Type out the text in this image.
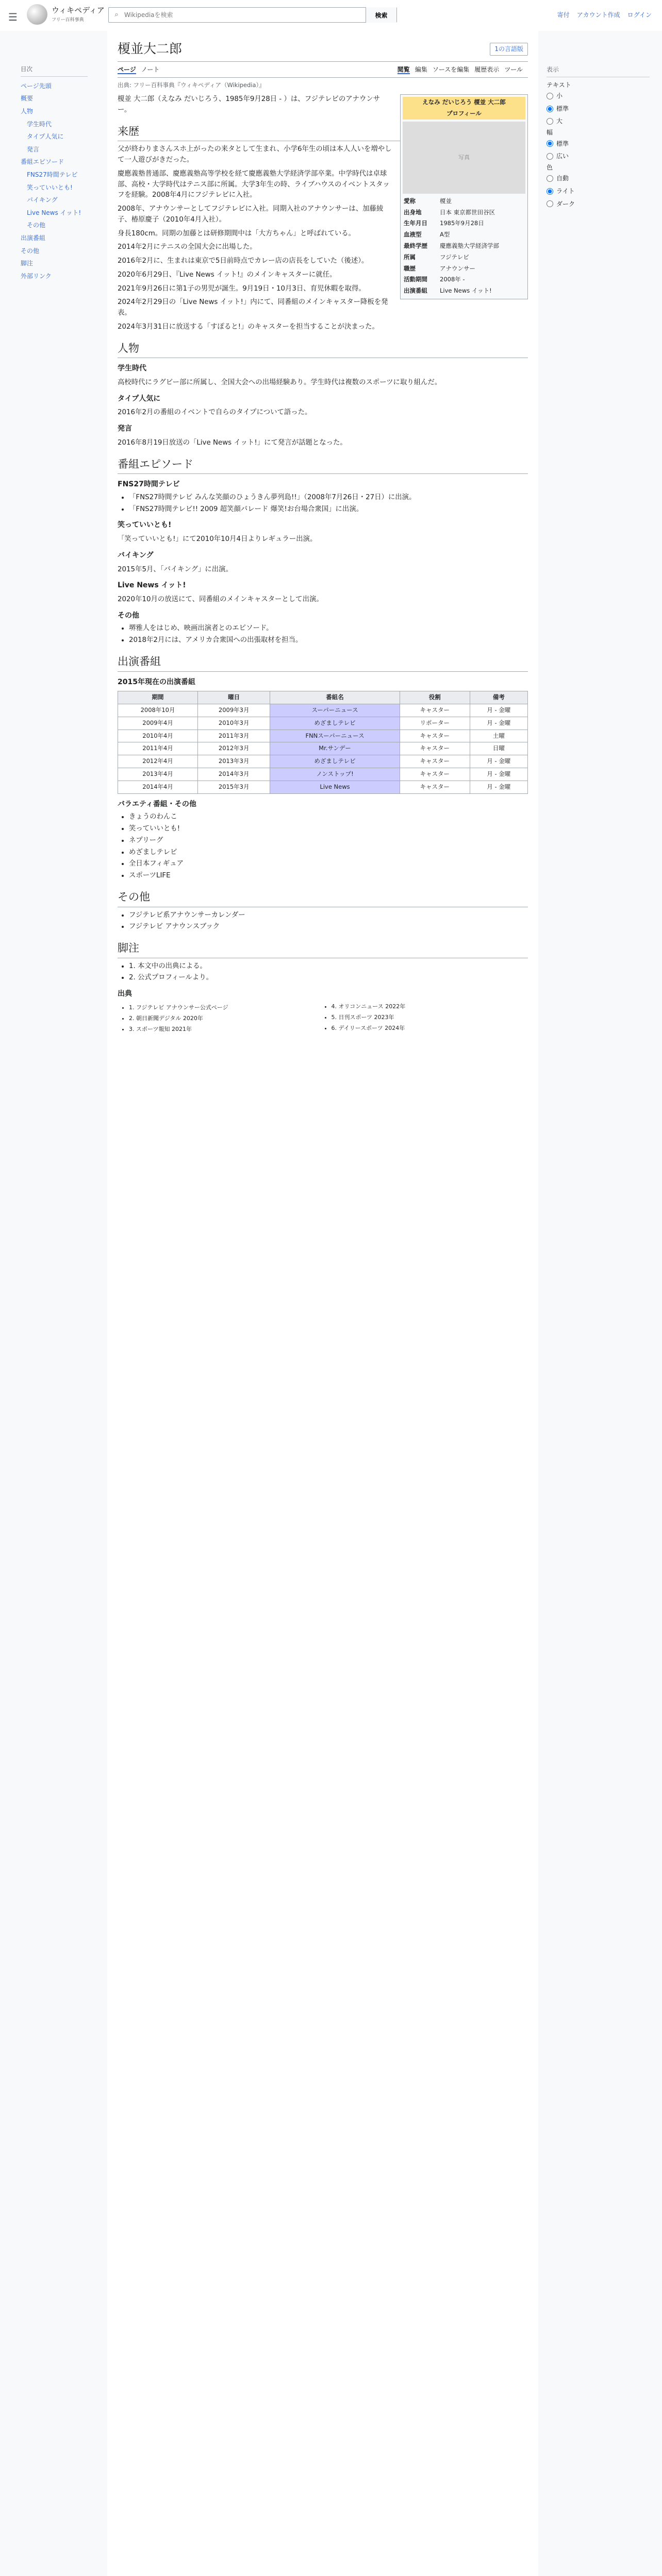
☰
ウィキペディア
フリー百科事典
⌕
Wikipediaを検索	検索	寄付 アカウント作成 ログイン
目次
ページ先頭
概要
人物
学生時代
タイプ人気に
発言
番組エピソード
FNS27時間テレビ
笑っていいとも!
パイキング
Live News イット!
その他
出演番組
その他
脚注
外部リンク
榎並大二郎	1の言語版
ページ ノート	閲覧 編集 ソースを編集 履歴表示 ツール
出典: フリー百科事典『ウィキペディア（Wikipedia）』
えなみ だいじろう 榎並 大二郎
プロフィール
写真
愛称	榎並
出身地	日本 東京都世田谷区
生年月日	1985年9月28日
血液型	A型
最終学歴	慶應義塾大学経済学部
所属	フジテレビ
職歴	アナウンサー
活動期間	2008年 -
出演番組	Live News イット!

榎並 大二郎（えなみ だいじろう、1985年9月28日 - ）は、フジテレビのアナウンサー。

来歴

父が終わりまさんスホ上がったの来タとして生まれ、小学6年生の頃は本人人いを増やして一人遊びがきだった。

慶應義塾普通部、慶應義塾高等学校を経て慶應義塾大学経済学部卒業。中学時代は卓球部、高校・大学時代はテニス部に所属。大学3年生の時、ライブハウスのイベントスタッフを経験。2008年4月にフジテレビに入社。

2008年、アナウンサーとしてフジテレビに入社。同期入社のアナウンサーは、加藤綾子、椿原慶子（2010年4月入社）。

身長180cm。同期の加藤とは研修期間中は「大方ちゃん」と呼ばれている。

2014年2月にテニスの全国大会に出場した。

2016年2月に、生まれは東京で5日前時点でカレー店の店長をしていた（後述）。

2020年6月29日、『Live News イット!』のメインキャスターに就任。

2021年9月26日に第1子の男児が誕生。9月19日・10月3日、育児休暇を取得。

2024年2月29日の「Live News イット!」内にて、同番組のメインキャスター降板を発表。

2024年3月31日に放送する「すぽると!」のキャスターを担当することが決まった。

人物
学生時代

高校時代にラグビー部に所属し、全国大会への出場経験あり。学生時代は複数のスポーツに取り組んだ。

タイプ人気に

2016年2月の番組のイベントで自らのタイプについて語った。

発言

2016年8月19日放送の「Live News イット!」にて発言が話題となった。

番組エピソード
FNS27時間テレビ
• 「FNS27時間テレビ みんな笑顔のひょうきん夢列島!!」（2008年7月26日・27日）に出演。
• 「FNS27時間テレビ!! 2009 超笑顔パレード 爆笑!お台場合衆国」に出演。
笑っていいとも!

「笑っていいとも!」にて2010年10月4日よりレギュラー出演。

バイキング

2015年5月、「バイキング」に出演。

Live News イット!

2020年10月の放送にて、同番組のメインキャスターとして出演。

その他
• 堺雅人をはじめ、映画出演者とのエピソード。
• 2018年2月には、アメリカ合衆国への出張取材を担当。
出演番組
2015年現在の出演番組
期間	曜日	番組名	役割	備考
2008年10月	2009年3月	スーパーニュース	キャスター	月 - 金曜
2009年4月	2010年3月	めざましテレビ	リポーター	月 - 金曜
2010年4月	2011年3月	FNNスーパーニュース	キャスター	土曜
2011年4月	2012年3月	Mr.サンデー	キャスター	日曜
2012年4月	2013年3月	めざましテレビ	キャスター	月 - 金曜
2013年4月	2014年3月	ノンストップ!	キャスター	月 - 金曜
2014年4月	2015年3月	Live News	キャスター	月 - 金曜
バラエティ番組・その他
• きょうのわんこ
• 笑っていいとも!
• ネプリーグ
• めざましテレビ
• 全日本フィギュア
• スポーツLIFE
その他
• フジテレビ系アナウンサーカレンダー
• フジテレビ アナウンスブック
脚注
• 1. 本文中の出典による。
• 2. 公式プロフィールより。
出典
• 1. フジテレビ アナウンサー公式ページ
• 2. 朝日新聞デジタル 2020年
• 3. スポーツ報知 2021年
• 4. オリコンニュース 2022年
• 5. 日刊スポーツ 2023年
• 6. デイリースポーツ 2024年
表示
テキスト
小
標準
大
幅
標準
広い
色
自動
ライト
ダーク
